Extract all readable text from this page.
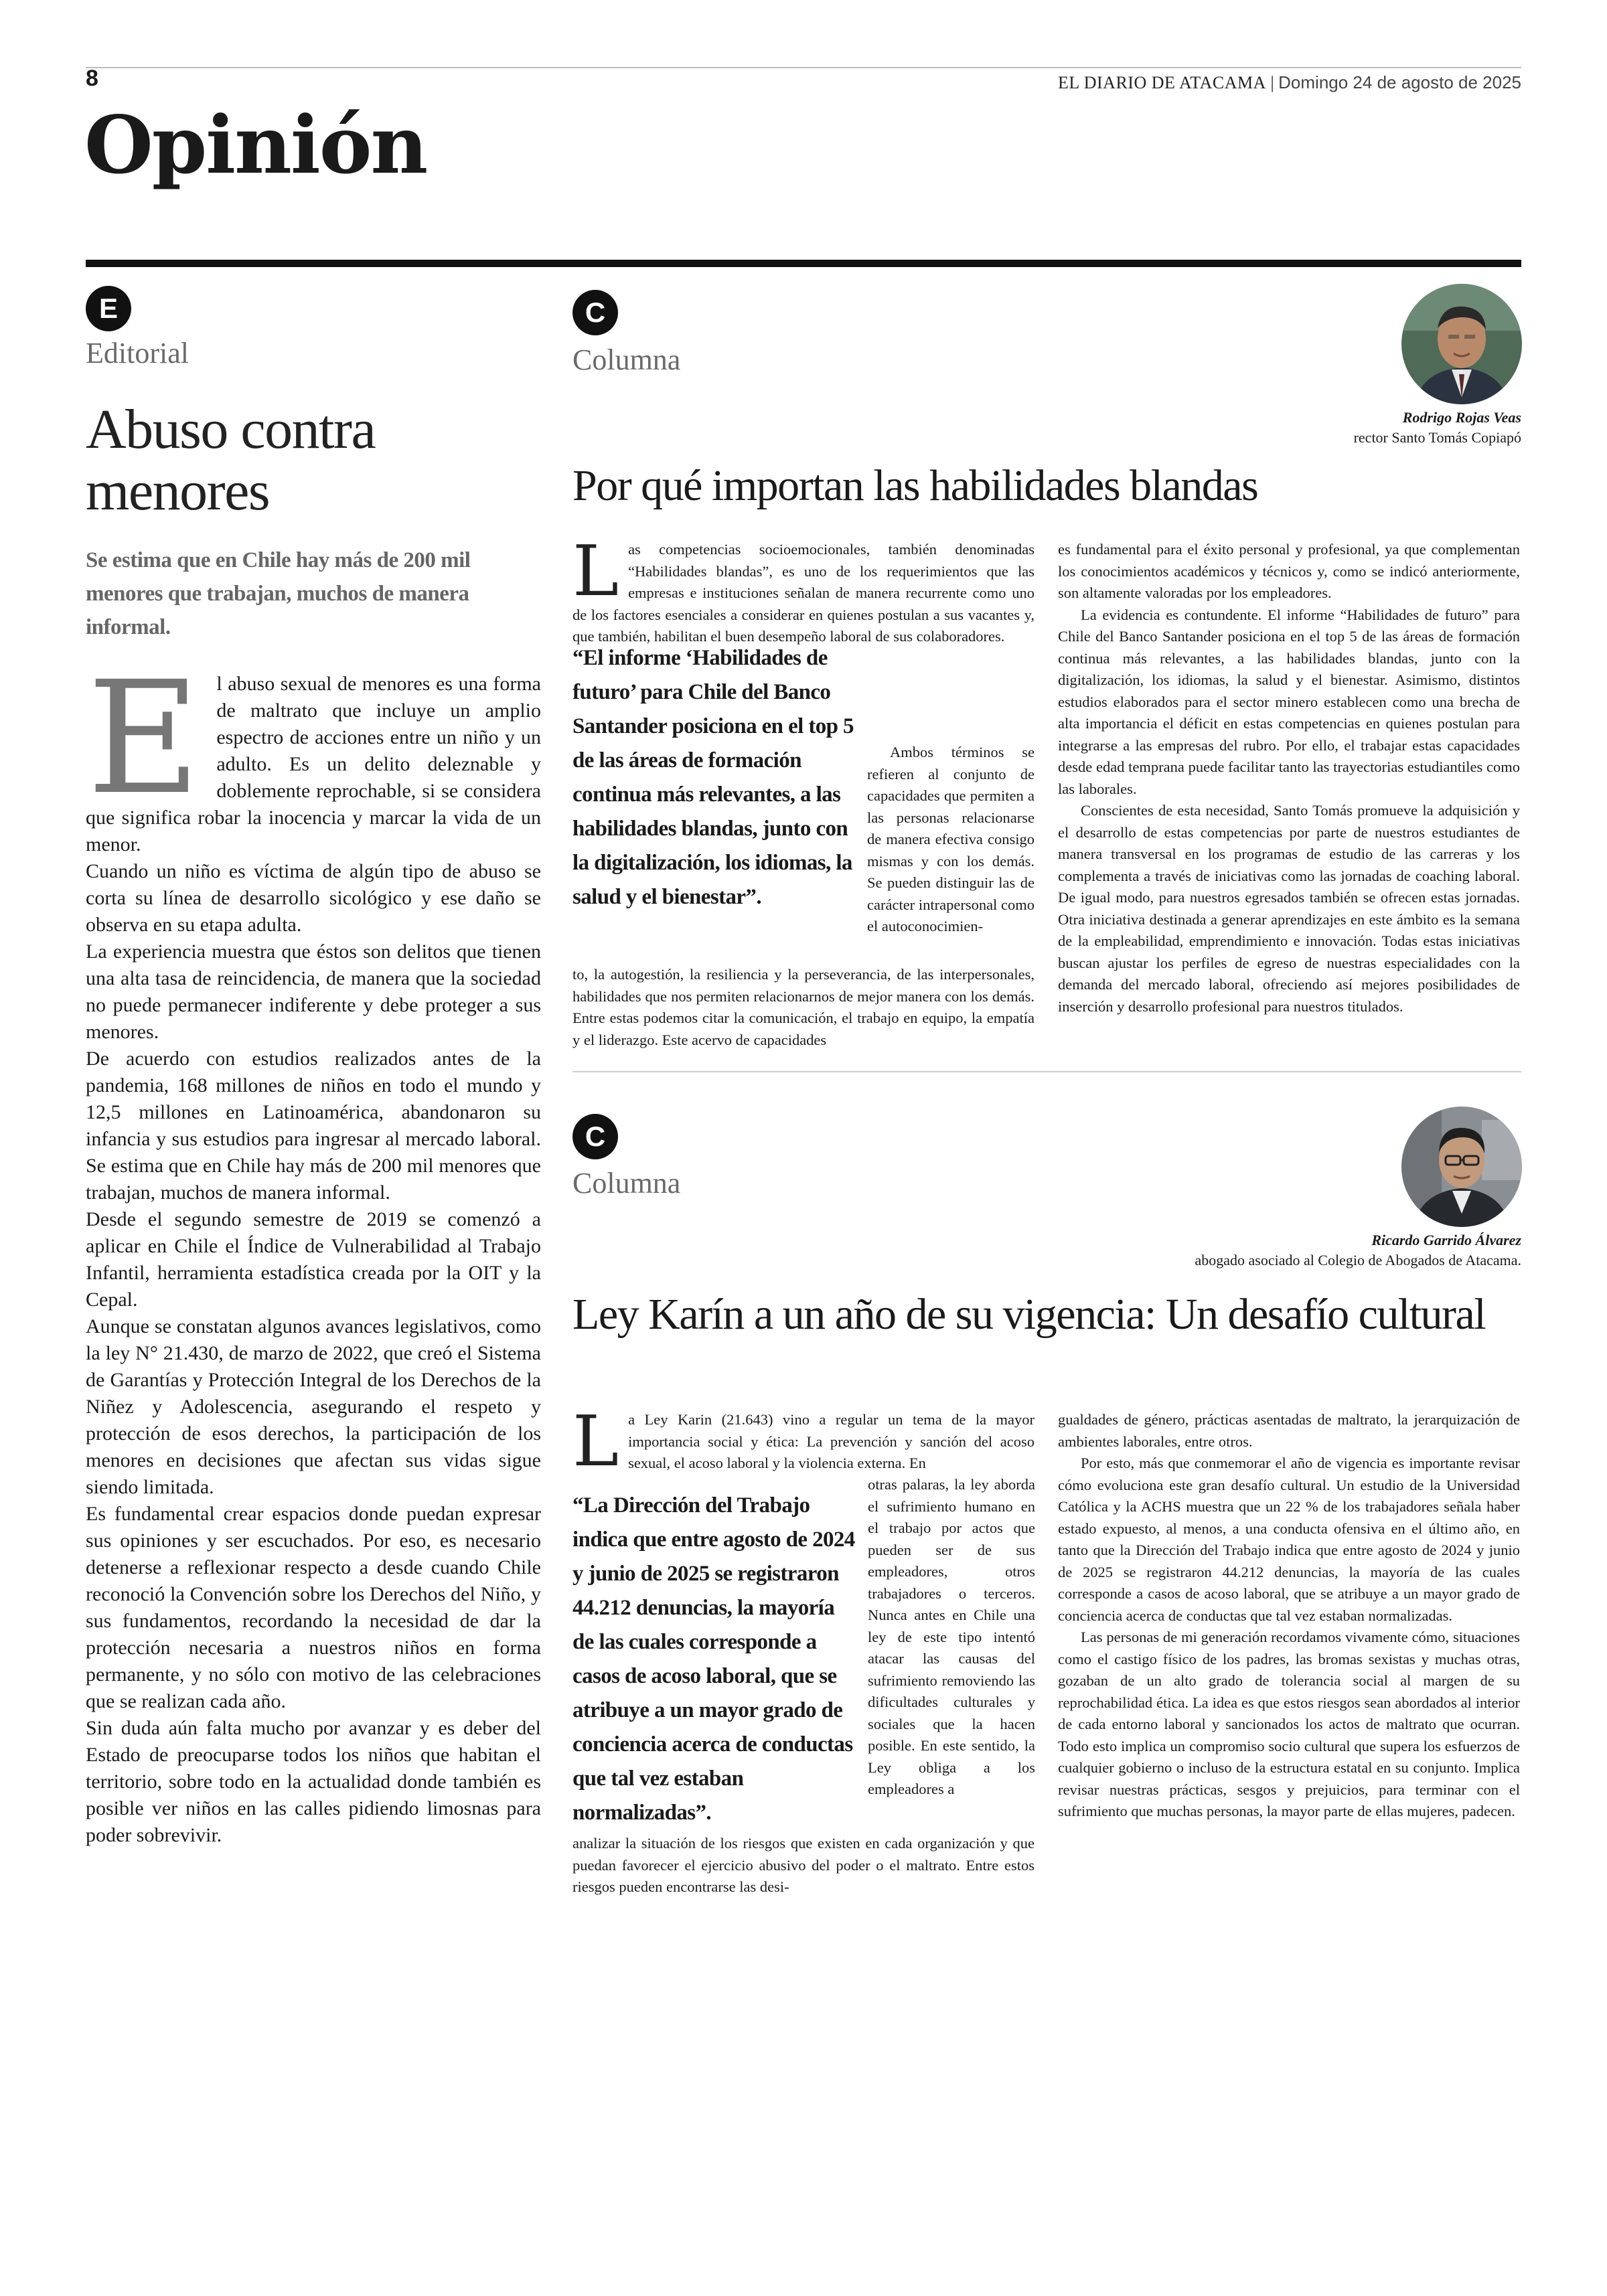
8	EL DIARIO DE ATACAMA | Domingo 24 de agosto de 2025
Opinión
E
Editorial
Abuso contra menores
Se estima que en Chile hay más de 200 mil menores que trabajan, muchos de manera informal.

El abuso sexual de menores es una forma de maltrato que incluye un amplio espectro de acciones entre un niño y un adulto. Es un delito deleznable y doblemente reprochable, si se considera que significa robar la inocencia y marcar la vida de un menor.

Cuando un niño es víctima de algún tipo de abuso se corta su línea de desarrollo sicológico y ese daño se observa en su etapa adulta.

La experiencia muestra que éstos son delitos que tienen una alta tasa de reincidencia, de manera que la sociedad no puede permanecer indiferente y debe proteger a sus menores.

De acuerdo con estudios realizados antes de la pandemia, 168 millones de niños en todo el mundo y 12,5 millones en Latinoamérica, abandonaron su infancia y sus estudios para ingresar al mercado laboral. Se estima que en Chile hay más de 200 mil menores que trabajan, muchos de manera informal.

Desde el segundo semestre de 2019 se comenzó a aplicar en Chile el Índice de Vulnerabilidad al Trabajo Infantil, herramienta estadística creada por la OIT y la Cepal.

Aunque se constatan algunos avances legislativos, como la ley N° 21.430, de marzo de 2022, que creó el Sistema de Garantías y Protección Integral de los Derechos de la Niñez y Adolescencia, asegurando el respeto y protección de esos derechos, la participación de los menores en decisiones que afectan sus vidas sigue siendo limitada.

Es fundamental crear espacios donde puedan expresar sus opiniones y ser escuchados. Por eso, es necesario detenerse a reflexionar respecto a desde cuando Chile reconoció la Convención sobre los Derechos del Niño, y sus fundamentos, recordando la necesidad de dar la protección necesaria a nuestros niños en forma permanente, y no sólo con motivo de las celebraciones que se realizan cada año.

Sin duda aún falta mucho por avanzar y es deber del Estado de preocuparse todos los niños que habitan el territorio, sobre todo en la actualidad dondе también es posible ver niños en las calles pidiendo limosnas para poder sobrevivir.

C
Columna
Rodrigo Rojas Veas
rector Santo Tomás Copiapó
Por qué importan las habilidades blandas

Las competencias socioemocionales, también denominadas “Habilidades blandas”, es uno de los requerimientos que las empresas e instituciones señalan de manera recurrente como uno de los factores esenciales a considerar en quienes postulan a sus vacantes y, que también, habilitan el buen desempeño laboral de sus colaboradores.

“El informe ‘Habilidades de futuro’ para Chile del Banco Santander posiciona en el top 5 de las áreas de formación continua más relevantes, a las habilidades blandas, junto con la digitalización, los idiomas, la salud y el bienestar”.

Ambos términos se refieren al conjunto de capacidades que permiten a las personas relacionarse de manera efectiva consigo mismas y con los demás. Se pueden distinguir las de carácter intrapersonal como el autoconocimien-

to, la autogestión, la resiliencia y la perseverancia, de las interpersonales, habilidades que nos permiten relacionarnos de mejor manera con los demás. Entre estas podemos citar la comunicación, el trabajo en equipo, la empatía y el liderazgo. Este acervo de capacidades

es fundamental para el éxito personal y profesional, ya que complementan los conocimientos académicos y técnicos y, como se indicó anteriormente, son altamente valoradas por los empleadores.

La evidencia es contundente. El informe “Habilidades de futuro” para Chile del Banco Santander posiciona en el top 5 de las áreas de formación continua más relevantes, a las habilidades blandas, junto con la digitalización, los idiomas, la salud y el bienestar. Asimismo, distintos estudios elaborados para el sector minero establecen como una brecha de alta importancia el déficit en estas competencias en quienes postulan para integrarse a las empresas del rubro. Por ello, el trabajar estas capacidades desde edad temprana puede facilitar tanto las trayectorias estudiantiles como las laborales.

Conscientes de esta necesidad, Santo Tomás promueve la adquisición y el desarrollo de estas competencias por parte de nuestros estudiantes de manera transversal en los programas de estudio de las carreras y los complementa a través de iniciativas como las jornadas de coaching laboral. De igual modo, para nuestros egresados también se ofrecen estas jornadas. Otra iniciativa destinada a generar aprendizajes en este ámbito es la semana de la empleabilidad, emprendimiento e innovación. Todas estas iniciativas buscan ajustar los perfiles de egreso de nuestras especialidades con la demanda del mercado laboral, ofreciendo así mejores posibilidades de inserción y desarrollo profesional para nuestros titulados.

C
Columna
Ricardo Garrido Álvarez
abogado asociado al Colegio de Abogados de Atacama.
Ley Karín a un año de su vigencia: Un desafío cultural

La Ley Karin (21.643) vino a regular un tema de la mayor importancia social y ética: La prevención y sanción del acoso sexual, el acoso laboral y la violencia externa. En

“La Dirección del Trabajo indica que entre agosto de 2024 y junio de 2025 se registraron 44.212 denuncias, la mayoría de las cuales corresponde a casos de acoso laboral, que se atribuye a un mayor grado de conciencia acerca de conductas que tal vez estaban normalizadas”.

otras palaras, la ley aborda el sufrimiento humano en el trabajo por actos que pueden ser de sus empleadores, otros trabajadores o terceros. Nunca antes en Chile una ley de este tipo intentó atacar las causas del sufrimiento removiendo las dificultades culturales y sociales que la hacen posible. En este sentido, la Ley obliga a los empleadores a

analizar la situación de los riesgos que existen en cada organización y que puedan favorecer el ejercicio abusivo del poder o el maltrato. Entre estos riesgos pueden encontrarse las desi-

gualdades de género, prácticas asentadas de maltrato, la jerarquización de ambientes laborales, entre otros.

Por esto, más que conmemorar el año de vigencia es importante revisar cómo evoluciona este gran desafío cultural. Un estudio de la Universidad Católica y la ACHS muestra que un 22 % de los trabajadores señala haber estado expuesto, al menos, a una conducta ofensiva en el último año, en tanto que la Dirección del Trabajo indica que entre agosto de 2024 y junio de 2025 se registraron 44.212 denuncias, la mayoría de las cuales corresponde a casos de acoso laboral, que se atribuye a un mayor grado de conciencia acerca de conductas que tal vez estaban normalizadas.

Las personas de mi generación recordamos vivamente cómo, situaciones como el castigo físico de los padres, las bromas sexistas y muchas otras, gozaban de un alto grado de tolerancia social al margen de su reprochabilidad ética. La idea es que estos riesgos sean abordados al interior de cada entorno laboral y sancionados los actos de maltrato que ocurran. Todo esto implica un compromiso socio cultural que supera los esfuerzos de cualquier gobierno o incluso de la estructura estatal en su conjunto. Implica revisar nuestras prácticas, sesgos y prejuicios, para terminar con el sufrimiento que muchas personas, la mayor parte de ellas mujeres, padecen.
